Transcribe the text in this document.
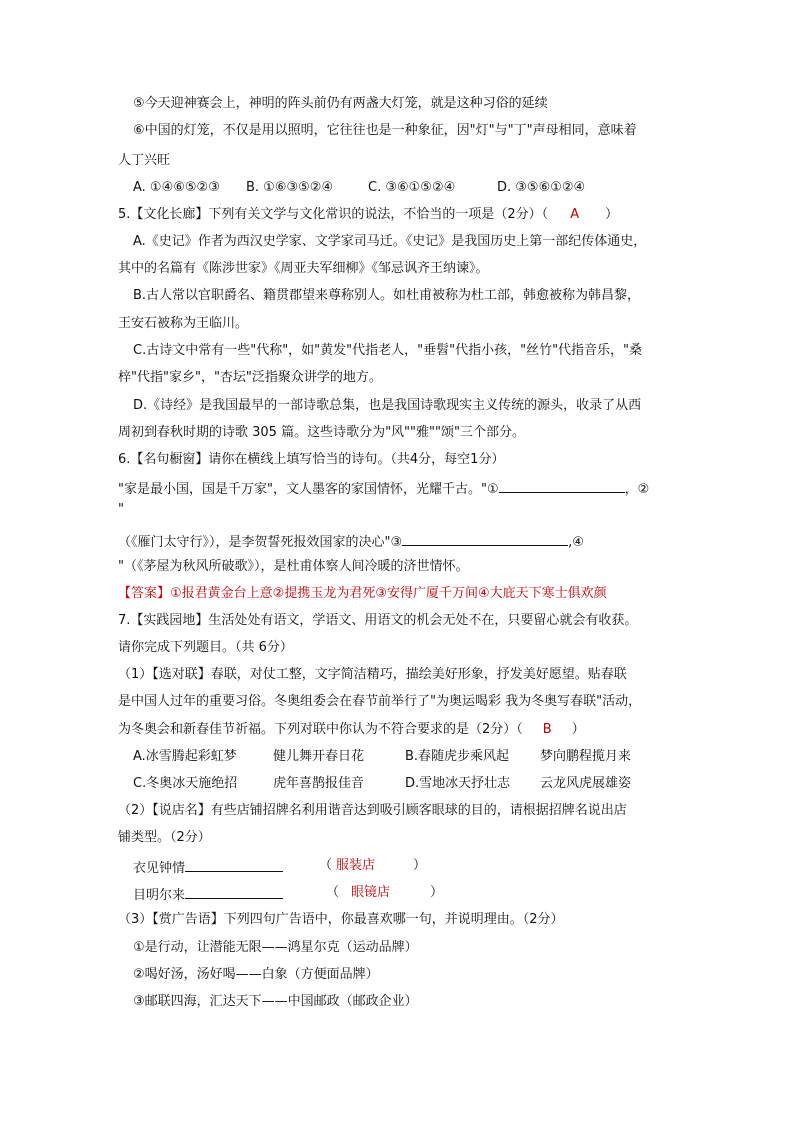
⑤今天迎神赛会上，神明的阵头前仍有两盏大灯笼，就是这种习俗的延续
⑥中国的灯笼，不仅是用以照明，它往往也是一种象征，因"灯"与"丁"声母相同，意味着
人丁兴旺
A. ①④⑥⑤②③ B. ①⑥③⑤②④	C. ③⑥①⑤②④	D. ③⑤⑥①②④
5.【文化长廊】下列有关文学与文化常识的说法，不恰当的一项是（2分）（ A ）
A.《史记》作者为西汉史学家、文学家司马迁。《史记》是我国历史上第一部纪传体通史，
其中的名篇有《陈涉世家》《周亚夫军细柳》《邹忌讽齐王纳谏》。
B.古人常以官职爵名、籍贯郡望来尊称别人。如杜甫被称为杜工部，韩愈被称为韩昌黎，
王安石被称为王临川。
C.古诗文中常有一些"代称"，如"黄发"代指老人，"垂髫"代指小孩，"丝竹"代指音乐，"桑
梓"代指"家乡"，"杏坛"泛指聚众讲学的地方。
D.《诗经》是我国最早的一部诗歌总集，也是我国诗歌现实主义传统的源头，收录了从西
周初到春秋时期的诗歌 305 篇。这些诗歌分为"风""雅""颂"三个部分。
6.【名句橱窗】请你在横线上填写恰当的诗句。（共4分，每空1分）
"家是最小国，国是千万家"，文人墨客的家国情怀，光耀千古。"①	，②
"
（《雁门太守行》），是李贺誓死报效国家的决心"③	,④
"（《茅屋为秋风所破歌》），是杜甫体察人间冷暖的济世情怀。
【答案】①报君黄金台上意②提携玉龙为君死③安得广厦千万间④大庇天下寒士俱欢颜
7.【实践园地】生活处处有语文，学语文、用语文的机会无处不在，只要留心就会有收获。
请你完成下列题目。（共 6分）
（1）【选对联】春联，对仗工整，文字简洁精巧，描绘美好形象，抒发美好愿望。贴春联
是中国人过年的重要习俗。冬奥组委会在春节前举行了"为奥运喝彩 我为冬奥写春联"活动，
为冬奥会和新春佳节祈福。下列对联中你认为不符合要求的是（2分）（ B ）
A.冰雪腾起彩虹梦	健儿舞开春日花	B.春随虎步乘风起 梦向鹏程揽月来
C.冬奥冰天施绝招	虎年喜鹊报佳音	D.雪地冰天抒壮志 云龙风虎展雄姿
（2）【说店名】有些店铺招牌名利用谐音达到吸引顾客眼球的目的，请根据招牌名说出店
铺类型。（2分）
衣见钟情	（ 服装店	）
目明尔来	（ 眼镜店	）
（3）【赏广告语】下列四句广告语中，你最喜欢哪一句，并说明理由。（2分）
①是行动，让潜能无限——鸿星尔克（运动品牌）
②喝好汤，汤好喝——白象（方便面品牌）
③邮联四海，汇达天下——中国邮政（邮政企业）
